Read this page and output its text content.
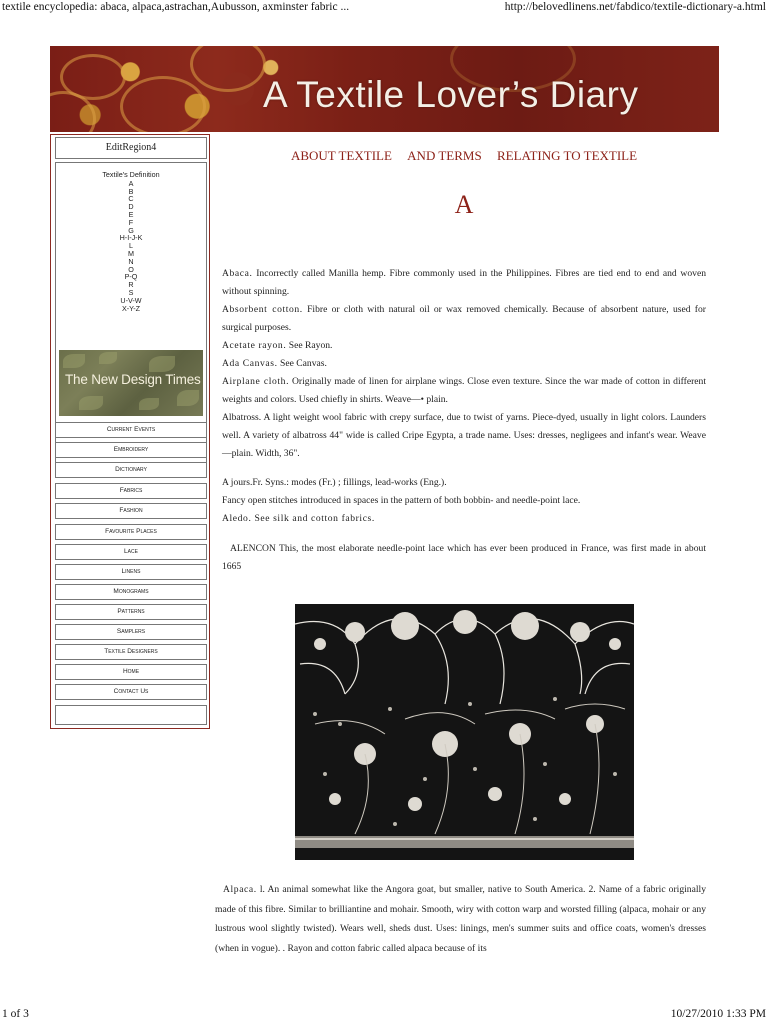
textile encyclopedia: abaca, alpaca,astrachan,Aubusson, axminster fabric ...	http://belovedlinens.net/fabdico/textile-dictionary-a.html
A Textile Lover’s Diary
EditRegion4
Textile's Definition
A
B
C
D
E
F
G
H-I-J-K
L
M
N
O
P-Q
R
S
U-V-W
X-Y-Z
The New Design Times
Current Events
Embroidery
Dictionary
Fabrics
Fashion
Favourite Places
Lace
Linens
Monograms
Patterns
Samplers
Textile Designers
Home
Contact Us
ABOUT TEXTILE AND TERMS RELATING TO TEXTILE
A

Abaca. Incorrectly called Manilla hemp. Fibre commonly used in the Philippines. Fibres are tied end to end and woven without spinning.

Absorbent cotton. Fibre or cloth with natural oil or wax removed chemically. Because of absorbent nature, used for surgical purposes.

Acetate rayon. See Rayon.

Ada Canvas. See Canvas.

Airplane cloth. Originally made of linen for airplane wings. Close even texture. Since the war made of cotton in different weights and colors. Used chiefly in shirts. Weave—• plain.

Albatross. A light weight wool fabric with crepy surface, due to twist of yarns. Piece-dyed, usually in light colors. Launders well. A variety of albatross 44" wide is called Cripe Egypta, a trade name. Uses: dresses, negligees and infant's wear. Weave—plain. Width, 36".

A jours.Fr. Syns.: modes (Fr.) ; fillings, lead-works (Eng.).

Fancy open stitches introduced in spaces in the pattern of both bobbin- and needle-point lace.

Aledo. See silk and cotton fabrics.

ALENCON This, the most elaborate needle-point lace which has ever been produced in France, was first made in about 1665
Alpaca. l. An animal somewhat like the Angora goat, but smaller, native to South America. 2. Name of a fabric originally made of this fibre. Similar to brilliantine and mohair. Smooth, wiry with cotton warp and worsted filling (alpaca, mohair or any lustrous wool slightly twisted). Wears well, sheds dust. Uses: linings, men's summer suits and office coats, women's dresses (when in vogue). . Rayon and cotton fabric called alpaca because of its
1 of 3	10/27/2010 1:33 PM
